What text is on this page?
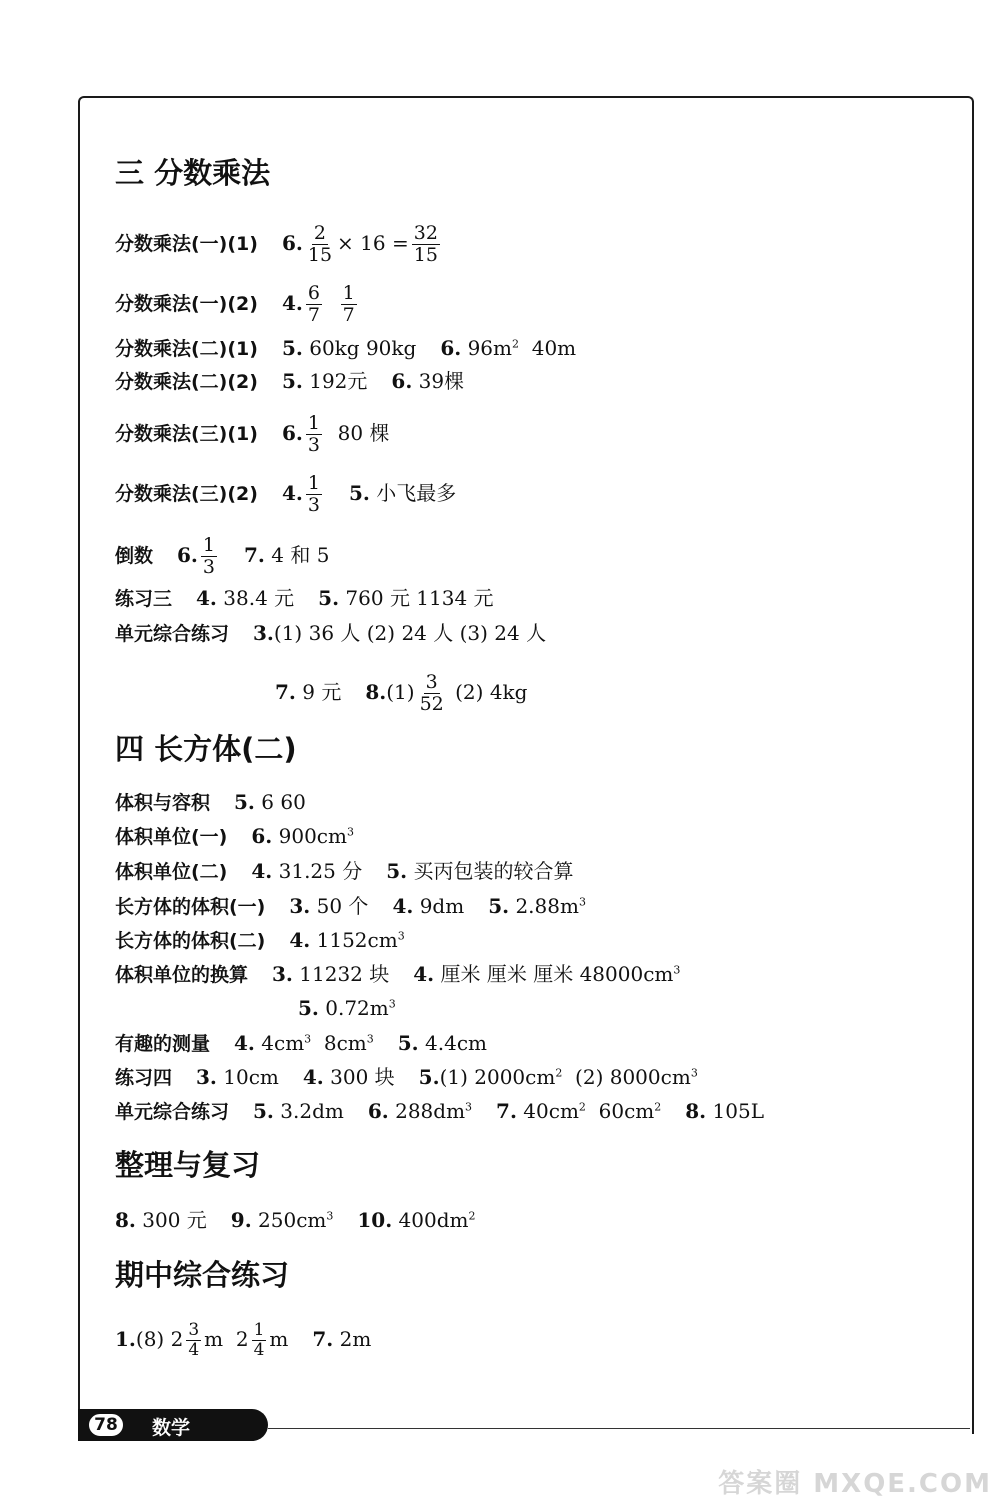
三 分数乘法
分数乘法(一)(1) 6. $\frac{2}{15} \times 16 = \frac{32}{15}$
分数乘法(一)(2) 4. $\frac{6}{7}$
$\frac{1}{7}$
分数乘法(二)(1) 5. 60kg 90kg 6. $96m^2$ 40m
分数乘法(二)(2) 5. 192元 6. 39棵
分数乘法(三)(1) 6. $\frac{1}{3} 80$ 棵
分数乘法(三)(2) 4. $\frac{1}{3} 5$. 小飞最多
倒数 6. $\frac{1}{3} 7$. 4 和 5
练习三 4. 38.4 元 5. 760 元 1134 元
单元综合练习 3.(1) 36 人 (2) 24 人 (3) 24 人
7. 9 元 $8.(1) \frac{3}{52} (2)$ 4kg
四 长方体(二)
体积与容积 5. 6 60
体积单位(一) 6. $900cm^3$
体积单位(二) 4. 31.25 分 5. 买丙包装的较合算
长方体的体积(一) 3. 50 个 4. 9dm 5. $2.88m^3$
长方体的体积(二) 4. $1152cm^3$
体积单位的换算 3. 11232 块 4. 厘米 厘米 厘米 $48000cm^3$
5. $0.72m^3$
有趣的测量 4. $4cm^3$ $8cm^3$ 5. 4.4cm
练习四 3. 10cm 4. 300 块 5.(1) $2000cm^2$ (2) $8000cm^3$
单元综合练习 5. 3.2dm 6. $288dm^3$ 7. $40cm^2$ $60cm^2$ 8. 105L
整理与复习
8. 300 元 9. $250cm^3$ 10. $400dm^2$
期中综合练习
1.(8) $2 \frac{3}{4}$ m $2 \frac{1}{4}$ m 7. 2m
78	数学
答案圈 MXQE.COM
